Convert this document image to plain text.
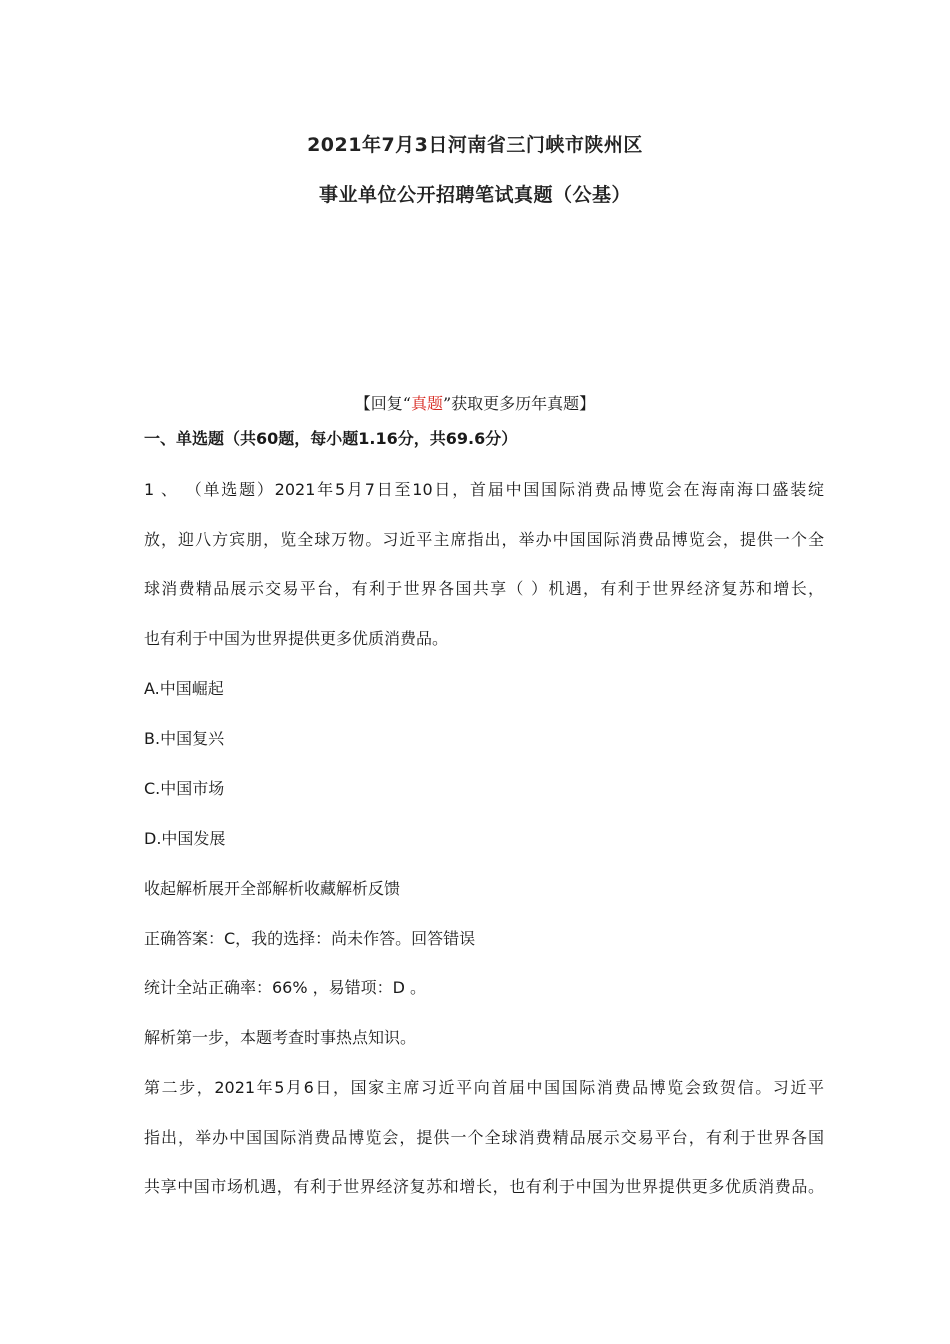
2021年7月3日河南省三门峡市陕州区
事业单位公开招聘笔试真题（公基）
【回复“真题”获取更多历年真题】
一、单选题（共60题，每小题1.16分，共69.6分）
1 、 （单选题）2021年5月7日至10日，首届中国国际消费品博览会在海南海口盛装绽
放，迎八方宾朋，览全球万物。习近平主席指出，举办中国国际消费品博览会，提供一个全
球消费精品展示交易平台，有利于世界各国共享（ ）机遇，有利于世界经济复苏和增长，
也有利于中国为世界提供更多优质消费品。
A.中国崛起
B.中国复兴
C.中国市场
D.中国发展
收起解析展开全部解析收藏解析反馈
正确答案：C，我的选择：尚未作答。回答错误
统计全站正确率：66% ，易错项：D 。
解析第一步，本题考查时事热点知识。
第二步，2021年5月6日，国家主席习近平向首届中国国际消费品博览会致贺信。习近平
指出，举办中国国际消费品博览会，提供一个全球消费精品展示交易平台，有利于世界各国
共享中国市场机遇，有利于世界经济复苏和增长，也有利于中国为世界提供更多优质消费品。
